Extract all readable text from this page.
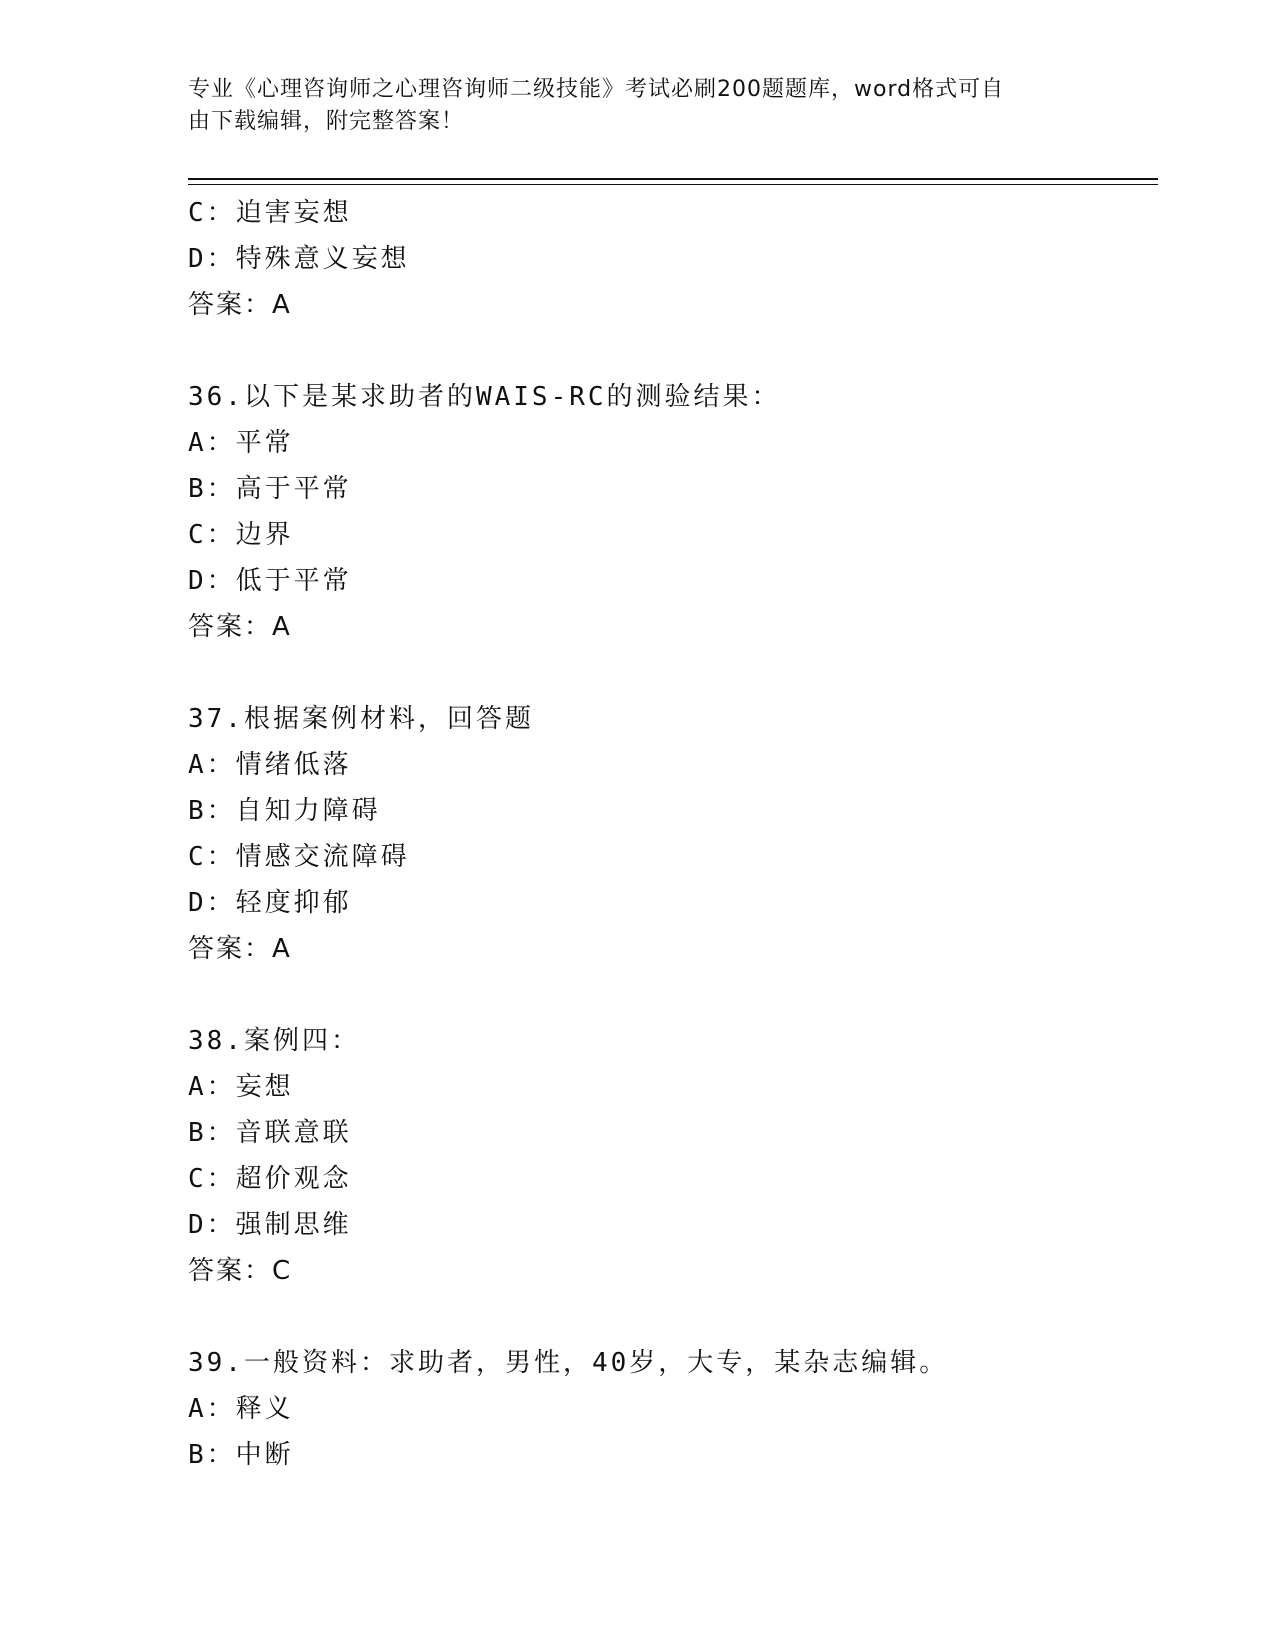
专业《心理咨询师之心理咨询师二级技能》考试必刷200题题库，word格式可自
由下载编辑，附完整答案！
C：迫害妄想
D：特殊意义妄想
答案：A
36.以下是某求助者的WAIS-RC的测验结果：
A：平常
B：高于平常
C：边界
D：低于平常
答案：A
37.根据案例材料，回答题
A：情绪低落
B：自知力障碍
C：情感交流障碍
D：轻度抑郁
答案：A
38.案例四：
A：妄想
B：音联意联
C：超价观念
D：强制思维
答案：C
39.一般资料：求助者，男性，40岁，大专，某杂志编辑。
A：释义
B：中断
